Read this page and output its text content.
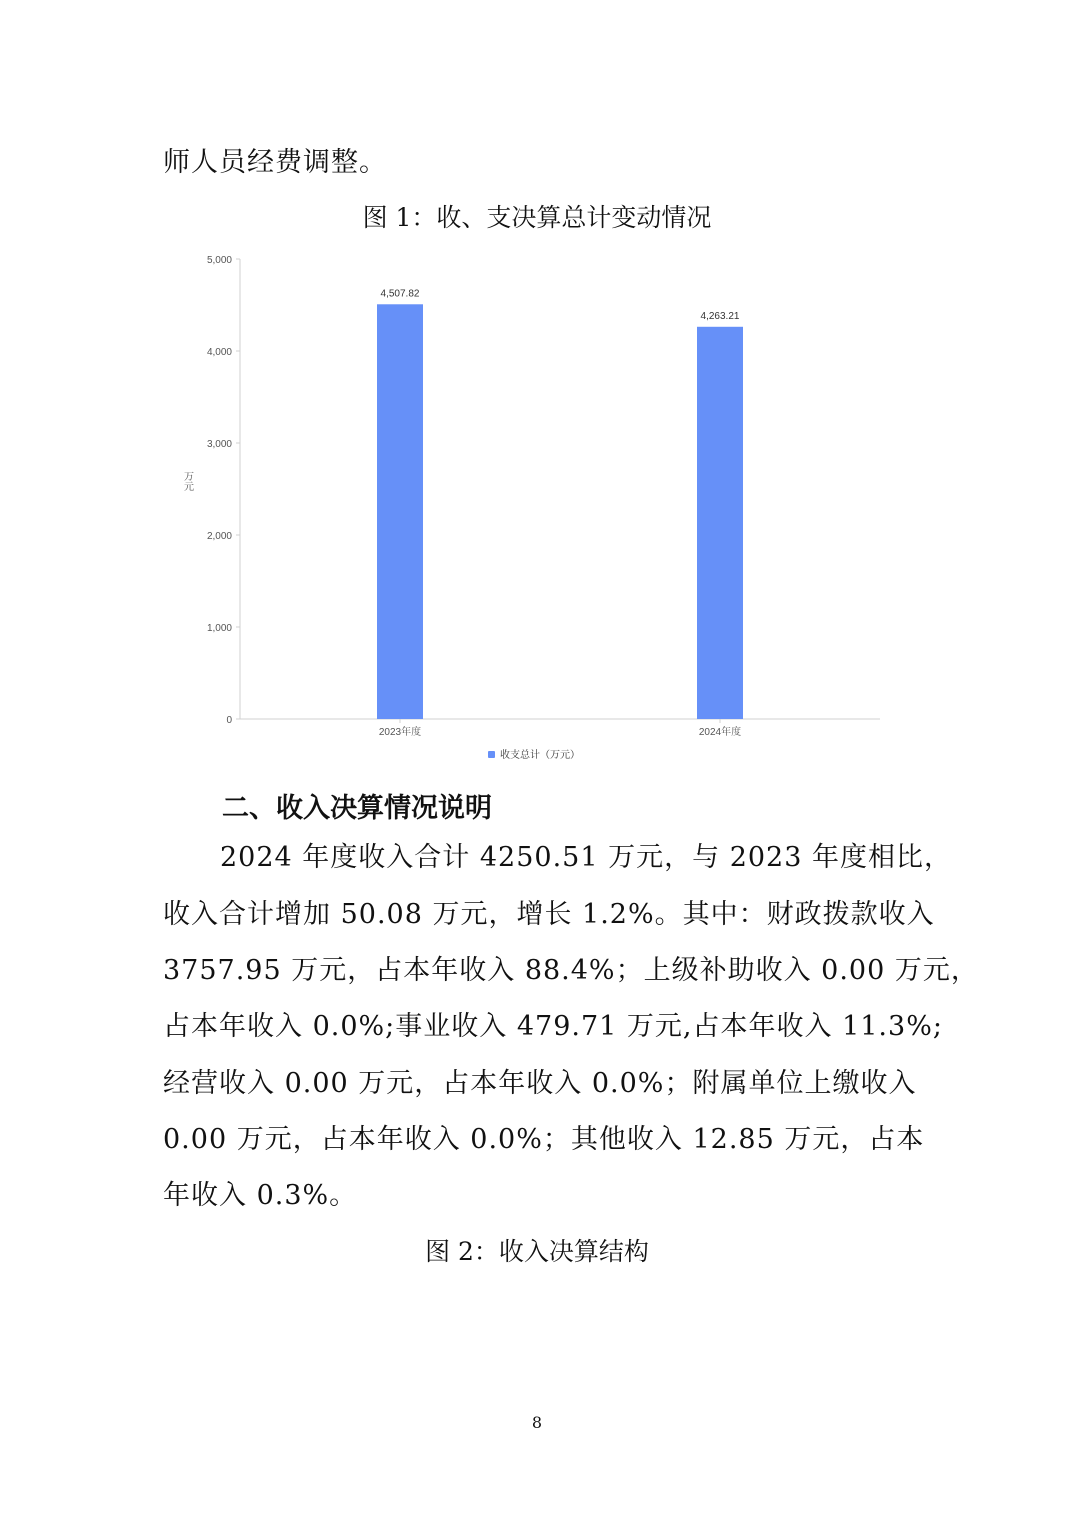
师人员经费调整。
图 1：收、支决算总计变动情况
0
1,000
2,000
3,000
4,000
5,000
万
元
4,507.82
2023年度
4,263.21
2024年度
收支总计（万元）
二、收入决算情况说明
2024 年度收入合计 4250.51 万元，与 2023 年度相比，
收入合计增加 50.08 万元，增长 1.2%。其中：财政拨款收入
3757.95 万元，占本年收入 88.4%；上级补助收入 0.00 万元，
占本年收入 0.0%;事业收入 479.71 万元,占本年收入 11.3%;
经营收入 0.00 万元，占本年收入 0.0%；附属单位上缴收入
0.00 万元，占本年收入 0.0%；其他收入 12.85 万元，占本
年收入 0.3%。
图 2：收入决算结构
8
